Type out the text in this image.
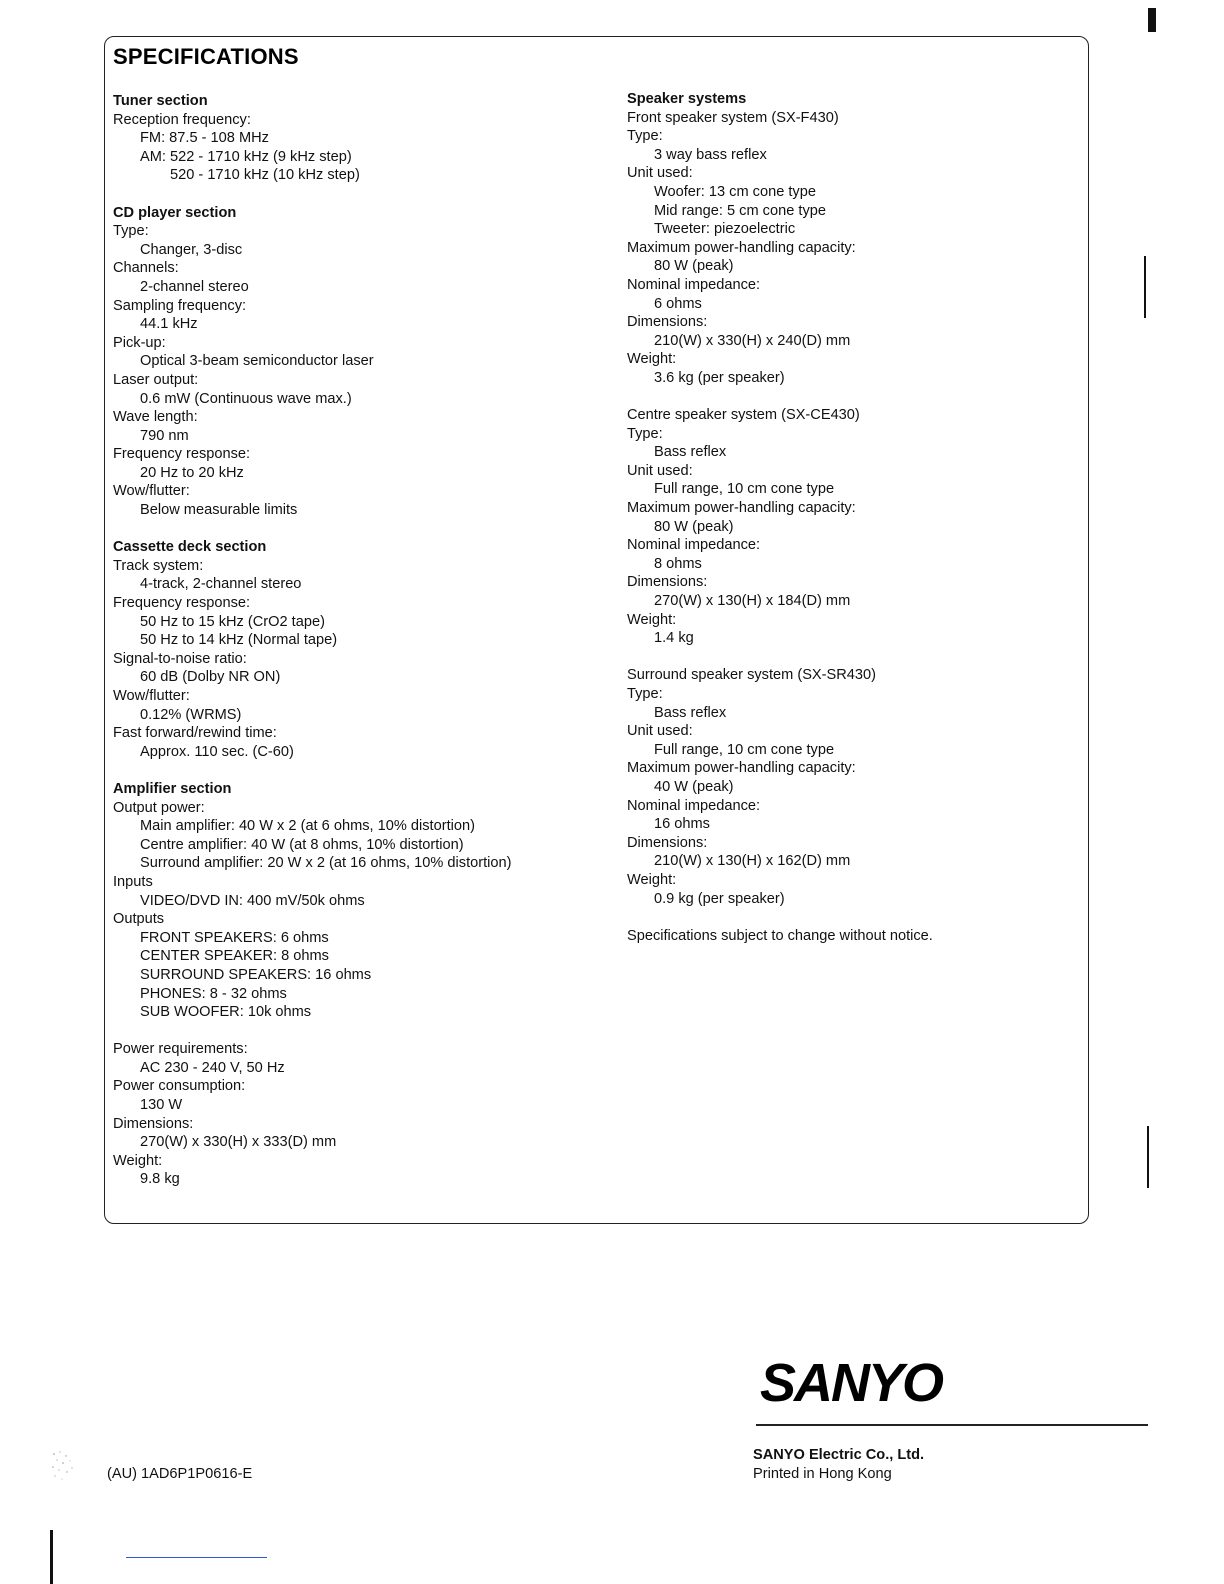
SPECIFICATIONS
Tuner section
Reception frequency:
FM: 87.5 - 108 MHz
AM: 522 - 1710 kHz (9 kHz step)
520 - 1710 kHz (10 kHz step)
CD player section
Type:
Changer, 3-disc
Channels:
2-channel stereo
Sampling frequency:
44.1 kHz
Pick-up:
Optical 3-beam semiconductor laser
Laser output:
0.6 mW (Continuous wave max.)
Wave length:
790 nm
Frequency response:
20 Hz to 20 kHz
Wow/flutter:
Below measurable limits
Cassette deck section
Track system:
4-track, 2-channel stereo
Frequency response:
50 Hz to 15 kHz (CrO2 tape)
50 Hz to 14 kHz (Normal tape)
Signal-to-noise ratio:
60 dB (Dolby NR ON)
Wow/flutter:
0.12% (WRMS)
Fast forward/rewind time:
Approx. 110 sec. (C-60)
Amplifier section
Output power:
Main amplifier: 40 W x 2 (at 6 ohms, 10% distortion)
Centre amplifier: 40 W (at 8 ohms, 10% distortion)
Surround amplifier: 20 W x 2 (at 16 ohms, 10% distortion)
Inputs
VIDEO/DVD IN: 400 mV/50k ohms
Outputs
FRONT SPEAKERS: 6 ohms
CENTER SPEAKER: 8 ohms
SURROUND SPEAKERS: 16 ohms
PHONES: 8 - 32 ohms
SUB WOOFER: 10k ohms
Power requirements:
AC 230 - 240 V, 50 Hz
Power consumption:
130 W
Dimensions:
270(W) x 330(H) x 333(D) mm
Weight:
9.8 kg
Speaker systems
Front speaker system (SX-F430)
Type:
3 way bass reflex
Unit used:
Woofer: 13 cm cone type
Mid range: 5 cm cone type
Tweeter: piezoelectric
Maximum power-handling capacity:
80 W (peak)
Nominal impedance:
6 ohms
Dimensions:
210(W) x 330(H) x 240(D) mm
Weight:
3.6 kg (per speaker)
Centre speaker system (SX-CE430)
Type:
Bass reflex
Unit used:
Full range, 10 cm cone type
Maximum power-handling capacity:
80 W (peak)
Nominal impedance:
8 ohms
Dimensions:
270(W) x 130(H) x 184(D) mm
Weight:
1.4 kg
Surround speaker system (SX-SR430)
Type:
Bass reflex
Unit used:
Full range, 10 cm cone type
Maximum power-handling capacity:
40 W (peak)
Nominal impedance:
16 ohms
Dimensions:
210(W) x 130(H) x 162(D) mm
Weight:
0.9 kg (per speaker)
Specifications subject to change without notice.
SANYO
SANYO Electric Co., Ltd.
Printed in Hong Kong
(AU) 1AD6P1P0616-E
